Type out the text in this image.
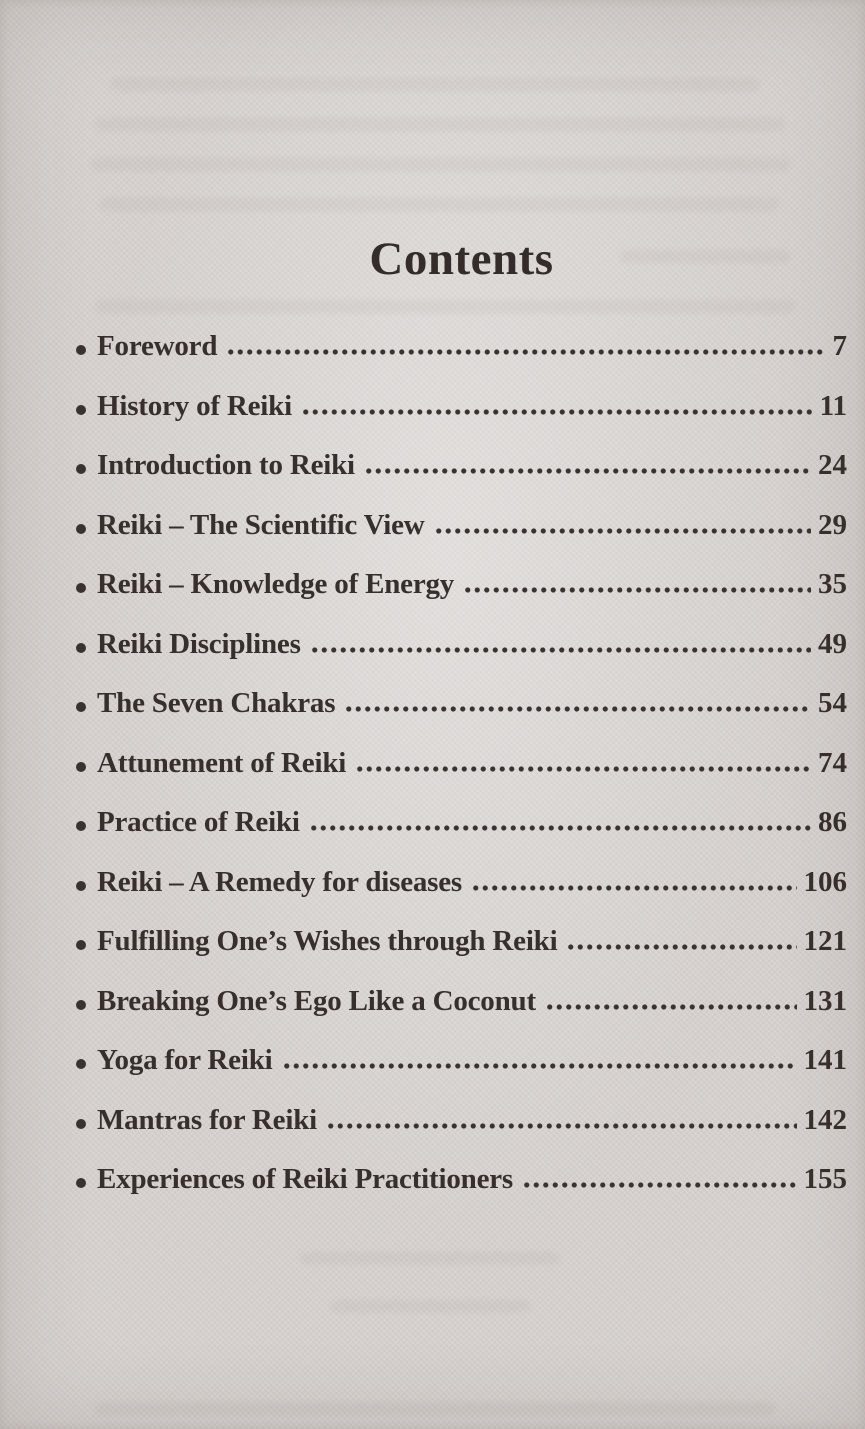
Contents
Foreword	7
History of Reiki	11
Introduction to Reiki	24
Reiki – The Scientific View	29
Reiki – Knowledge of Energy	35
Reiki Disciplines	49
The Seven Chakras	54
Attunement of Reiki	74
Practice of Reiki	86
Reiki – A Remedy for diseases	106
Fulfilling One’s Wishes through Reiki	121
Breaking One’s Ego Like a Coconut	131
Yoga for Reiki	141
Mantras for Reiki	142
Experiences of Reiki Practitioners	155
